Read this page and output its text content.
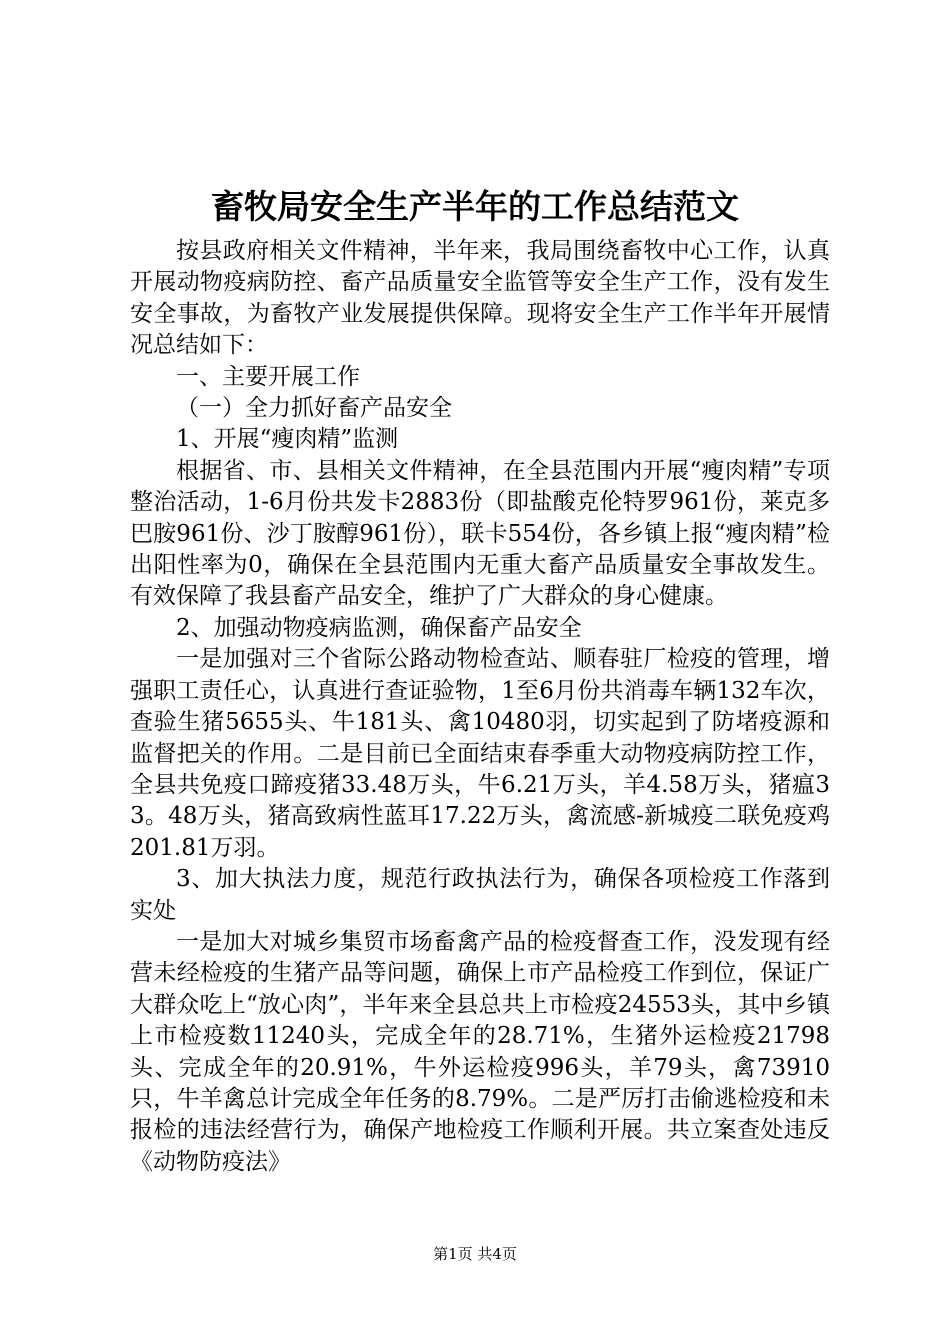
畜牧局安全生产半年的工作总结范文

按县政府相关文件精神，半年来，我局围绕畜牧中心工作，认真开展动物疫病防控、畜产品质量安全监管等安全生产工作，没有发生安全事故，为畜牧产业发展提供保障。现将安全生产工作半年开展情况总结如下：

一、主要开展工作

（一）全力抓好畜产品安全

1、开展“瘦肉精”监测

根据省、市、县相关文件精神，在全县范围内开展“瘦肉精”专项整治活动，1-6月份共发卡2883份（即盐酸克伦特罗961份，莱克多巴胺961份、沙丁胺醇961份），联卡554份，各乡镇上报“瘦肉精”检出阳性率为0，确保在全县范围内无重大畜产品质量安全事故发生。有效保障了我县畜产品安全，维护了广大群众的身心健康。

2、加强动物疫病监测，确保畜产品安全

一是加强对三个省际公路动物检查站、顺春驻厂检疫的管理，增强职工责任心，认真进行查证验物，1至6月份共消毒车辆132车次，查验生猪5655头、牛181头、禽10480羽，切实起到了防堵疫源和监督把关的作用。二是目前已全面结束春季重大动物疫病防控工作，全县共免疫口蹄疫猪33.48万头，牛6.21万头，羊4.58万头，猪瘟33。48万头，猪高致病性蓝耳17.22万头，禽流感-新城疫二联免疫鸡201.81万羽。

3、加大执法力度，规范行政执法行为，确保各项检疫工作落到实处

一是加大对城乡集贸市场畜禽产品的检疫督查工作，没发现有经营未经检疫的生猪产品等问题，确保上市产品检疫工作到位，保证广大群众吃上“放心肉”，半年来全县总共上市检疫24553头，其中乡镇上市检疫数11240头，完成全年的28.71%，生猪外运检疫21798头、完成全年的20.91%，牛外运检疫996头，羊79头，禽73910只，牛羊禽总计完成全年任务的8.79%。二是严厉打击偷逃检疫和未报检的违法经营行为，确保产地检疫工作顺利开展。共立案查处违反《动物防疫法》

第1页 共4页
